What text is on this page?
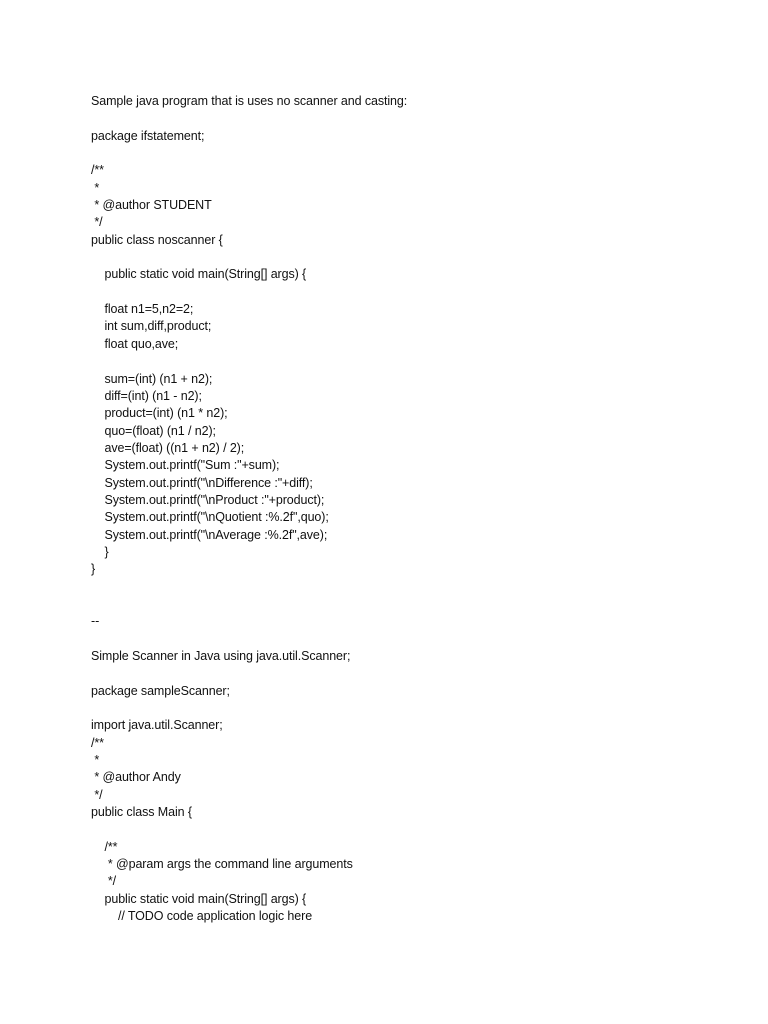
Sample java program that is uses no scanner and casting:
package ifstatement;
/**
*
* @author STUDENT
*/
public class noscanner {
public static void main(String[] args) {
float n1=5,n2=2;
int sum,diff,product;
float quo,ave;
sum=(int) (n1 + n2);
diff=(int) (n1 - n2);
product=(int) (n1 * n2);
quo=(float) (n1 / n2);
ave=(float) ((n1 + n2) / 2);
System.out.printf("Sum :"+sum);
System.out.printf("\nDifference :"+diff);
System.out.printf("\nProduct :"+product);
System.out.printf("\nQuotient :%.2f",quo);
System.out.printf("\nAverage :%.2f",ave);
}
}
--
Simple Scanner in Java using java.util.Scanner;
package sampleScanner;
import java.util.Scanner;
/**
*
* @author Andy
*/
public class Main {
/**
* @param args the command line arguments
*/
public static void main(String[] args) {
// TODO code application logic here
